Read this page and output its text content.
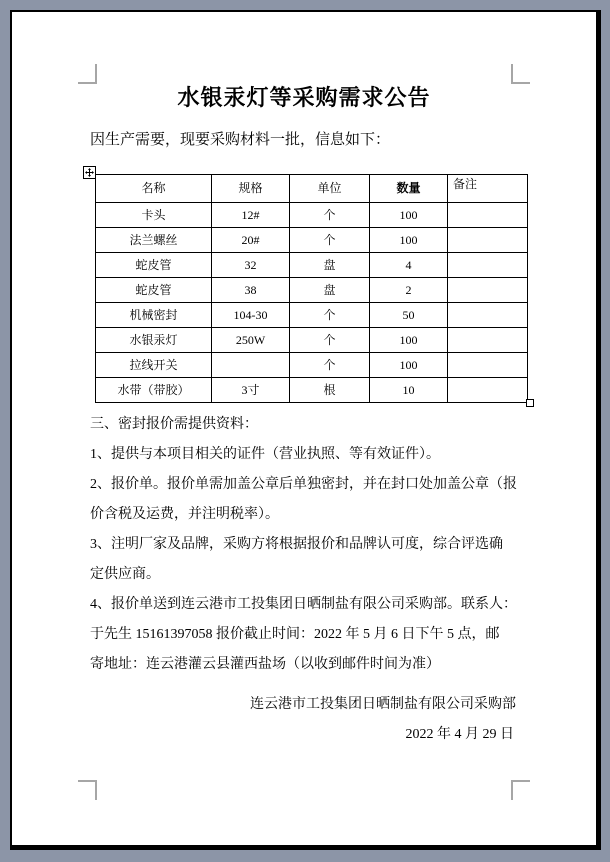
水银汞灯等采购需求公告
因生产需要，现要采购材料一批，信息如下：
名称	规格	单位	数量	备注
卡头	12#	个	100	
法兰螺丝	20#	个	100	
蛇皮管	32	盘	4	
蛇皮管	38	盘	2	
机械密封	104-30	个	50	
水银汞灯	250W	个	100	
拉线开关		个	100	
水带（带胶）	3寸	根	10	
三、密封报价需提供资料：
1、提供与本项目相关的证件（营业执照、等有效证件）。
2、报价单。报价单需加盖公章后单独密封，并在封口处加盖公章（报
价含税及运费，并注明税率）。
3、注明厂家及品牌，采购方将根据报价和品牌认可度，综合评选确
定供应商。
4、报价单送到连云港市工投集团日晒制盐有限公司采购部。联系人：
于先生 15161397058 报价截止时间：2022 年 5 月 6 日下午 5 点，邮
寄地址：连云港灌云县灌西盐场（以收到邮件时间为准）
连云港市工投集团日晒制盐有限公司采购部
2022 年 4 月 29 日
